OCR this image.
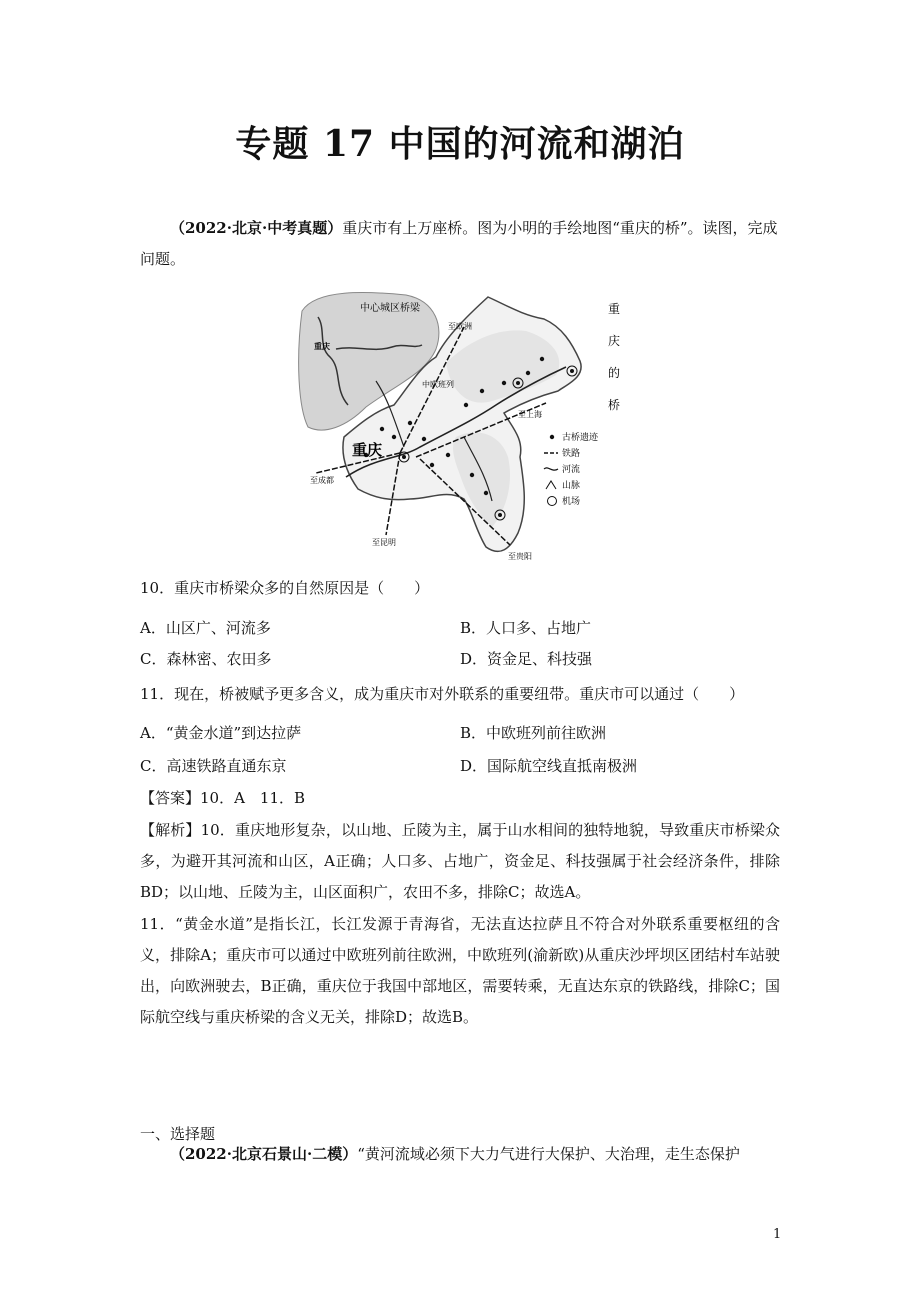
专题 17 中国的河流和湖泊
（2022·北京·中考真题）重庆市有上万座桥。图为小明的手绘地图“重庆的桥”。读图，完成问题。
中心城区桥梁
重庆
重庆
至欧洲
中欧班列
至上海
至成都
至昆明
至贵阳
重
庆
的
桥
古桥遗迹
铁路
河流
山脉
机场
10．重庆市桥梁众多的自然原因是（　　）
A．山区广、河流多	B．人口多、占地广
C．森林密、农田多	D．资金足、科技强
11．现在，桥被赋予更多含义，成为重庆市对外联系的重要纽带。重庆市可以通过（　　）
A．“黄金水道”到达拉萨	B．中欧班列前往欧洲
C．高速铁路直通东京	D．国际航空线直抵南极洲
【答案】10．A　11．B
【解析】10．重庆地形复杂，以山地、丘陵为主，属于山水相间的独特地貌，导致重庆市桥梁众多，为避开其河流和山区，A正确；人口多、占地广，资金足、科技强属于社会经济条件，排除BD；以山地、丘陵为主，山区面积广，农田不多，排除C；故选A。
11．“黄金水道”是指长江，长江发源于青海省，无法直达拉萨且不符合对外联系重要枢纽的含义，排除A；重庆市可以通过中欧班列前往欧洲，中欧班列(渝新欧)从重庆沙坪坝区团结村车站驶出，向欧洲驶去，B正确，重庆位于我国中部地区，需要转乘，无直达东京的铁路线，排除C；国际航空线与重庆桥梁的含义无关，排除D；故选B。
一、选择题
（2022·北京石景山·二模）“黄河流域必须下大力气进行大保护、大治理，走生态保护
1
